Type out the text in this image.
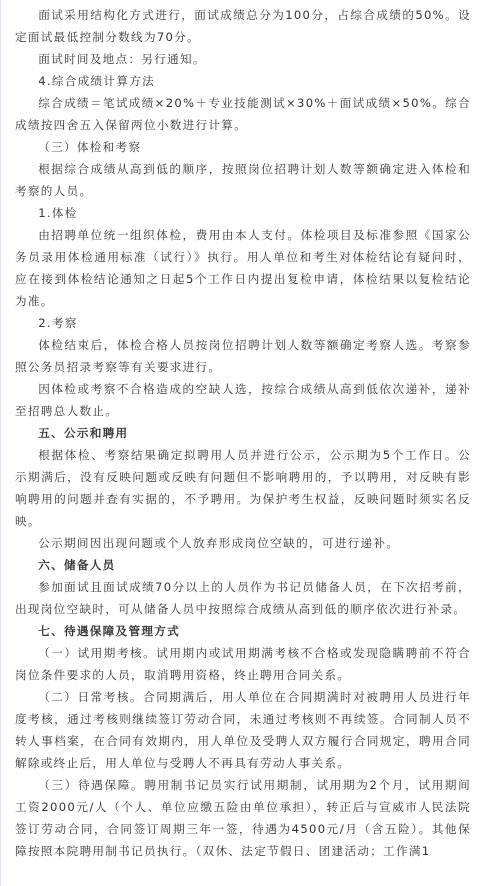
面试采用结构化方式进行，面试成绩总分为100分，占综合成绩的50%。设定面试最低控制分数线为70分。

面试时间及地点：另行通知。

4.综合成绩计算方法

综合成绩＝笔试成绩×20%＋专业技能测试×30%＋面试成绩×50%。综合成绩按四舍五入保留两位小数进行计算。

（三）体检和考察

根据综合成绩从高到低的顺序，按照岗位招聘计划人数等额确定进入体检和考察的人员。

1.体检

由招聘单位统一组织体检，费用由本人支付。体检项目及标准参照《国家公务员录用体检通用标准（试行）》执行。用人单位和考生对体检结论有疑问时，应在接到体检结论通知之日起5个工作日内提出复检申请，体检结果以复检结论为准。

2.考察

体检结束后，体检合格人员按岗位招聘计划人数等额确定考察人选。考察参照公务员招录考察等有关要求进行。

因体检或考察不合格造成的空缺人选，按综合成绩从高到低依次递补，递补至招聘总人数止。

五、公示和聘用

根据体检、考察结果确定拟聘用人员并进行公示，公示期为5个工作日。公示期满后，没有反映问题或反映有问题但不影响聘用的，予以聘用，对反映有影响聘用的问题并查有实据的，不予聘用。为保护考生权益，反映问题时须实名反映。

公示期间因出现问题或个人放弃形成岗位空缺的，可进行递补。

六、储备人员

参加面试且面试成绩70分以上的人员作为书记员储备人员，在下次招考前，出现岗位空缺时，可从储备人员中按照综合成绩从高到低的顺序依次进行补录。

七、待遇保障及管理方式

（一）试用期考核。试用期内或试用期满考核不合格或发现隐瞒聘前不符合岗位条件要求的人员，取消聘用资格，终止聘用合同关系。

（二）日常考核。合同期满后，用人单位在合同期满时对被聘用人员进行年度考核，通过考核则继续签订劳动合同，未通过考核则不再续签。合同制人员不转人事档案，在合同有效期内，用人单位及受聘人双方履行合同规定，聘用合同解除或终止后，用人单位与受聘人不再具有劳动人事关系。

（三）待遇保障。聘用制书记员实行试用期制，试用期为2个月，试用期间工资2000元/人（个人、单位应缴五险由单位承担），转正后与宣威市人民法院签订劳动合同，合同签订周期三年一签，待遇为4500元/月（含五险）。其他保障按照本院聘用制书记员执行。（双休、法定节假日、团建活动；工作满1
